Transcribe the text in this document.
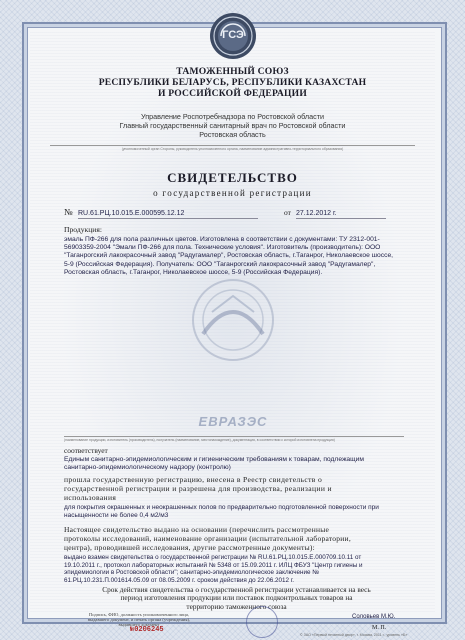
ГСЭ
ТАМОЖЕННЫЙ СОЮЗ
РЕСПУБЛИКИ БЕЛАРУСЬ, РЕСПУБЛИКИ КАЗАХСТАН
И РОССИЙСКОЙ ФЕДЕРАЦИИ
Управление Роспотребнадзора по Ростовской области
Главный государственный санитарный врач по Ростовской области
Ростовская область
(уполномоченный орган Стороны, руководитель уполномоченного органа, наименование административно-территориального образования)
СВИДЕТЕЛЬСТВО
о государственной регистрации
№ RU.61.РЦ.10.015.Е.000595.12.12	от 27.12.2012 г.
Продукция:
эмаль ПФ-266 для пола различных цветов. Изготовлена в соответствии с документами: ТУ 2312-001-
56903359-2004 "Эмали ПФ-266 для пола. Технические условия". Изготовитель (производитель): ООО
"Таганрогский лакокрасочный завод "Радугамалер", Ростовская область, г.Таганрог, Николаевское шоссе,
5-9 (Российская Федерация). Получатель: ООО "Таганрогский лакокрасочный завод "Радугамалер",
Ростовская область, г.Таганрог, Николаевское шоссе, 5-9 (Российская Федерация).
ЕВРАЗЭС
(наименование продукции, изготовитель (производитель), получатель (наименование, местонахождение), документация, в соответствии с которой изготовлена продукция)
соответствует
Единым санитарно-эпидемиологическим и гигиеническим требованиям к товарам, подлежащим
санитарно-эпидемиологическому надзору (контролю)
прошла государственную регистрацию, внесена в Реестр свидетельств о
государственной регистрации и разрешена для производства, реализации и
использования
для покрытия окрашенных и неокрашенных полов по предварительно подготовленной поверхности при
насыщенности не более 0,4 м2/м3
Настоящее свидетельство выдано на основании (перечислить рассмотренные
протоколы исследований, наименование организации (испытательной лаборатории,
центра), проводившей исследования, другие рассмотренные документы):
выдано взамен свидетельства о государственной регистрации № RU.61.РЦ.10.015.Е.000709.10.11 от
19.10.2011 г., протокол лабораторных испытаний № 5348 от 15.09.2011 г. ИЛЦ ФБУЗ "Центр гигиены и
эпидемиологии в Ростовской области"; санитарно-эпидемиологическое заключение №
61.РЦ.10.231.П.001614.05.09 от 08.05.2009 г. сроком действия до 22.06.2012 г.
Срок действия свидетельства о государственной регистрации устанавливается на весь
период изготовления продукции или поставок подконтрольных товаров на
территорию таможенного союза
Подпись, ФИО, должность уполномоченного лица,
выдавшего документ, и печать органа (учреждения),
выдавшего документ
Соловьев М.Ю.
М. П.
№0206245
© ЗАО «Первый печатный двор», г. Москва, 2011 г., уровень «Б»
